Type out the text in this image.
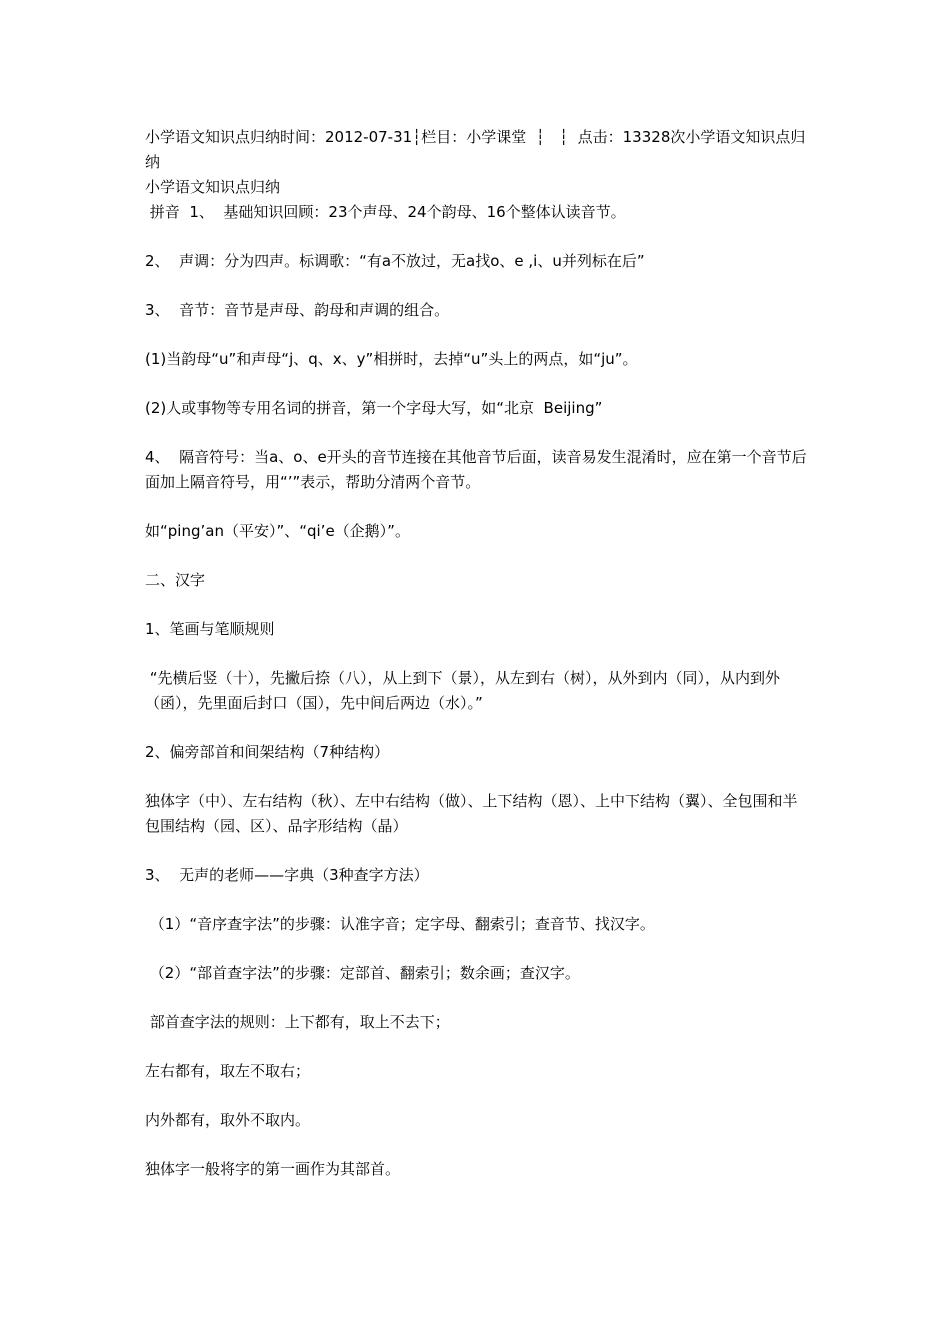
小学语文知识点归纳时间：2012-07-31┆栏目：小学课堂  ┆   ┆  点击：13328次小学语文知识点归纳

小学语文知识点归纳

拼音  1、  基础知识回顾：23个声母、24个韵母、16个整体认读音节。

2、  声调：分为四声。标调歌：“有a不放过，无a找o、e ,i、u并列标在后”

3、  音节：音节是声母、韵母和声调的组合。

(1)当韵母“u”和声母“j、q、x、y”相拼时，去掉“u”头上的两点，如“ju”。

(2)人或事物等专用名词的拼音，第一个字母大写，如“北京  Beijing”

4、  隔音符号：当a、o、e开头的音节连接在其他音节后面，读音易发生混淆时，应在第一个音节后面加上隔音符号，用“’”表示，帮助分清两个音节。

如“ping’an（平安）”、“qi’e（企鹅）”。

二、汉字

1、笔画与笔顺规则

“先横后竖（十），先撇后捺（八），从上到下（景），从左到右（树），从外到内（同），从内到外（函），先里面后封口（国），先中间后两边（水）。”

2、偏旁部首和间架结构（7种结构）

独体字（中）、左右结构（秋）、左中右结构（做）、上下结构（恩）、上中下结构（翼）、全包围和半包围结构（园、区）、品字形结构（晶）

3、  无声的老师——字典（3种查字方法）

（1）“音序查字法”的步骤：认准字音；定字母、翻索引；查音节、找汉字。

（2）“部首查字法”的步骤：定部首、翻索引；数余画；查汉字。

部首查字法的规则：上下都有，取上不去下；

左右都有，取左不取右；

内外都有，取外不取内。

独体字一般将字的第一画作为其部首。
